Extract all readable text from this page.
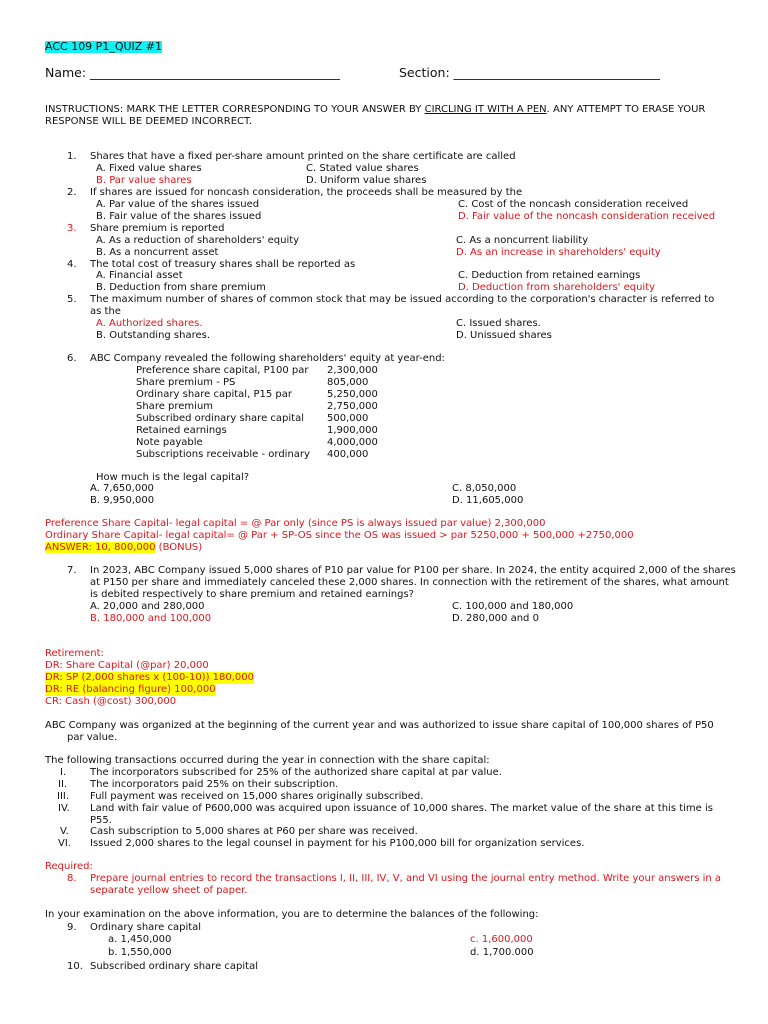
ACC 109 P1_QUIZ #1
Name: ________________________________________	Section: _________________________________
INSTRUCTIONS: MARK THE LETTER CORRESPONDING TO YOUR ANSWER BY CIRCLING IT WITH A PEN. ANY ATTEMPT TO ERASE YOUR
RESPONSE WILL BE DEEMED INCORRECT.
1. Shares that have a fixed per-share amount printed on the share certificate are called
A. Fixed value shares
B. Par value shares
C. Stated value shares
D. Uniform value shares
2. If shares are issued for noncash consideration, the proceeds shall be measured by the
A. Par value of the shares issued
B. Fair value of the shares issued
C. Cost of the noncash consideration received
D. Fair value of the noncash consideration received
3. Share premium is reported
A. As a reduction of shareholders' equity
B. As a noncurrent asset
C. As a noncurrent liability
D. As an increase in shareholders' equity
4. The total cost of treasury shares shall be reported as
A. Financial asset
B. Deduction from share premium
C. Deduction from retained earnings
D. Deduction from shareholders' equity
5. The maximum number of shares of common stock that may be issued according to the corporation's character is referred to
as the
A. Authorized shares.
B. Outstanding shares.
C. Issued shares.
D. Unissued shares
6. ABC Company revealed the following shareholders' equity at year-end:
Preference share capital, P100 par 2,300,000
Share premium - PS	805,000
Ordinary share capital, P15 par	5,250,000
Share premium	2,750,000
Subscribed ordinary share capital 500,000
Retained earnings	1,900,000
Note payable	4,000,000
Subscriptions receivable - ordinary 400,000
How much is the legal capital?
A. 7,650,000
B. 9,950,000
C. 8,050,000
D. 11,605,000
Preference Share Capital- legal capital = @ Par only (since PS is always issued par value) 2,300,000
Ordinary Share Capital- legal capital= @ Par + SP-OS since the OS was issued > par 5250,000 + 500,000 +2750,000
ANSWER: 10, 800,000 (BONUS)
7. In 2023, ABC Company issued 5,000 shares of P10 par value for P100 per share. In 2024, the entity acquired 2,000 of the shares
at P150 per share and immediately canceled these 2,000 shares. In connection with the retirement of the shares, what amount
is debited respectively to share premium and retained earnings?
A. 20,000 and 280,000
B. 180,000 and 100,000
C. 100,000 and 180,000
D. 280,000 and 0
Retirement:
DR: Share Capital (@par) 20,000
DR: SP (2,000 shares x (100-10)) 180,000
DR: RE (balancing figure) 100,000
CR: Cash (@cost) 300,000
ABC Company was organized at the beginning of the current year and was authorized to issue share capital of 100,000 shares of P50
par value.
The following transactions occurred during the year in connection with the share capital:
I. The incorporators subscribed for 25% of the authorized share capital at par value.
II. The incorporators paid 25% on their subscription.
III. Full payment was received on 15,000 shares originally subscribed.
IV. Land with fair value of P600,000 was acquired upon issuance of 10,000 shares. The market value of the share at this time is
P55.
V. Cash subscription to 5,000 shares at P60 per share was received.
VI. Issued 2,000 shares to the legal counsel in payment for his P100,000 bill for organization services.
Required:
8. Prepare journal entries to record the transactions I, II, III, IV, V, and VI using the journal entry method. Write your answers in a
separate yellow sheet of paper.
In your examination on the above information, you are to determine the balances of the following:
9. Ordinary share capital
a. 1,450,000
b. 1,550,000
c. 1,600,000
d. 1,700.000
10. Subscribed ordinary share capital
